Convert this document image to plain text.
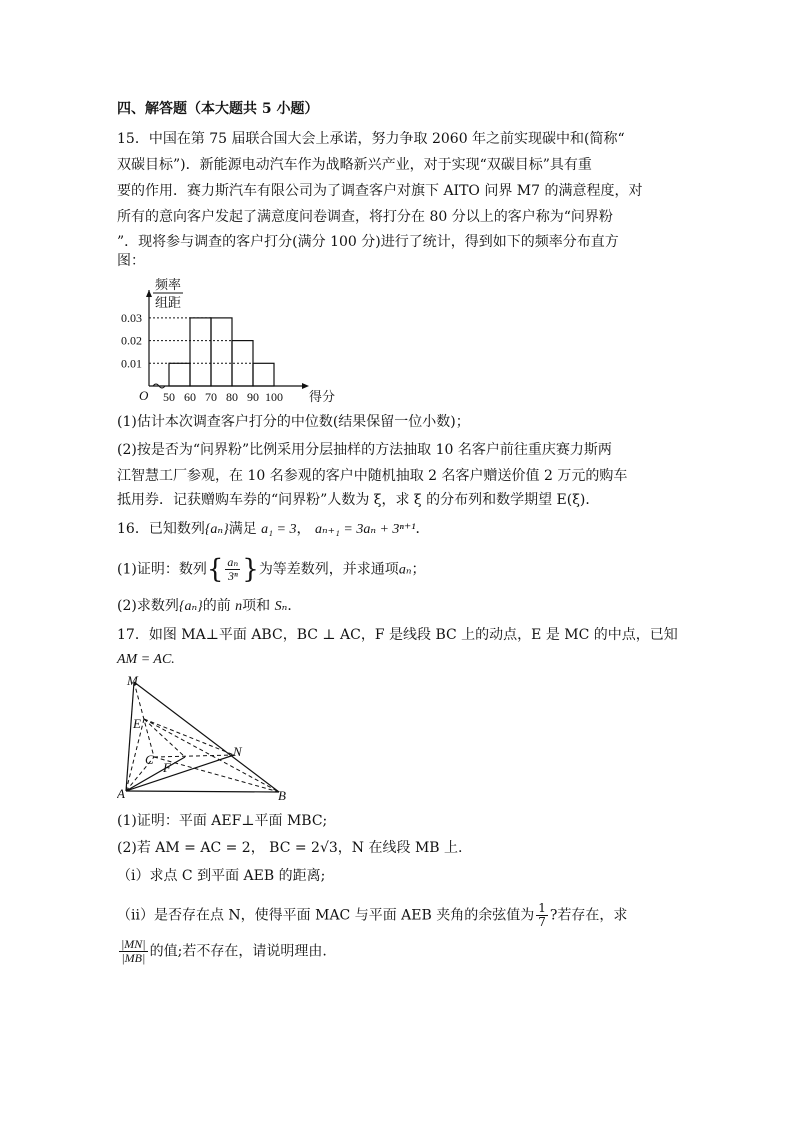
四、解答题（本大题共 5 小题）
15．中国在第 75 届联合国大会上承诺，努力争取 2060 年之前实现碳中和(简称“
双碳目标”)．新能源电动汽车作为战略新兴产业，对于实现“双碳目标”具有重
要的作用．赛力斯汽车有限公司为了调查客户对旗下 AITO 问界 M7 的满意程度，对
所有的意向客户发起了满意度问卷调查，将打分在 80 分以上的客户称为“问界粉
”．现将参与调查的客户打分(满分 100 分)进行了统计，得到如下的频率分布直方
图：
0.01
0.02
0.03
50 60 70 80 90 100
O	得分
频率
组距
(1)估计本次调查客户打分的中位数(结果保留一位小数)；
(2)按是否为“问界粉”比例采用分层抽样的方法抽取 10 名客户前往重庆赛力斯两
江智慧工厂参观，在 10 名参观的客户中随机抽取 2 名客户赠送价值 2 万元的购车
抵用券．记获赠购车券的“问界粉”人数为 ξ，求 ξ 的分布列和数学期望 E(ξ)．
16．已知数列{aₙ}满足 a₁ = 3， aₙ₊₁ = 3aₙ + 3ⁿ⁺¹．
(1)证明：数列{ $\frac{\text{aₙ}}{\text{3ⁿ}}$ }为等差数列，并求通项aₙ；
(2)求数列{aₙ}的前 n项和 Sₙ．
17．如图 MA⊥平面 ABC，BC ⊥ AC，F 是线段 BC 上的动点，E 是 MC 的中点，已知
AM = AC.
M
E
N
C
F
A	B
(1)证明：平面 AEF⊥平面 MBC;
(2)若 AM = AC = 2， BC = 2√3，N 在线段 MB 上.
（i）求点 C 到平面 AEB 的距离;
（ii）是否存在点 N，使得平面 MAC 与平面 AEB 夹角的余弦值为 $\frac{1}{7}$ ?若存在，求
$\frac{|MN|}{|MB|}$ 的值;若不存在，请说明理由.
